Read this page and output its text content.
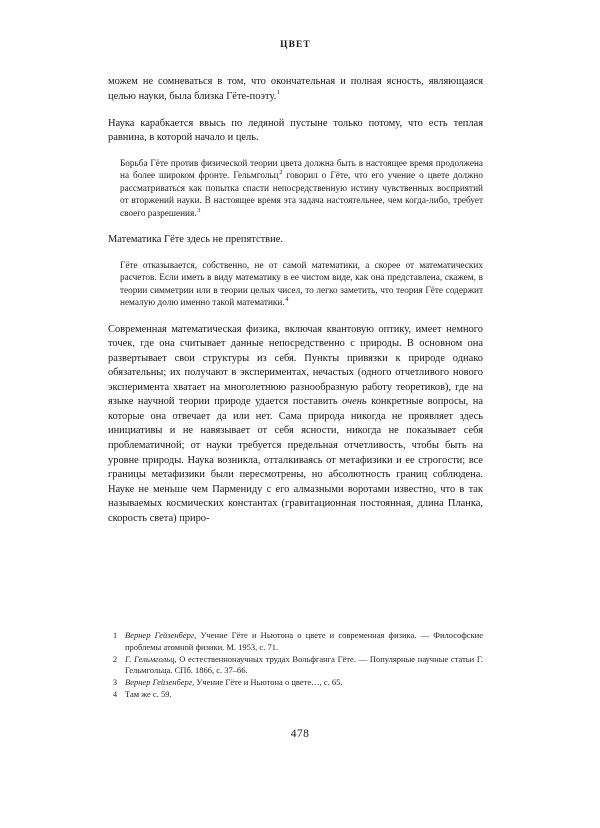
ЦВЕТ

можем не сомневаться в том, что окончательная и полная ясность, являющаяся целью науки, была близка Гёте-поэту.$^1$

Наука карабкается ввысь по ледяной пустыне только потому, что есть теплая равнина, в которой начало и цель.

Борьба Гёте против физической теории цвета должна быть в настоящее время продолжена на более широком фронте. Гельмгольц$^2$ говорил о Гёте, что его учение о цвете должно рассматриваться как попытка спасти непосредственную истину чувственных восприятий от вторжений науки. В настоящее время эта задача настоятельнее, чем когда-либо, требует своего разрешения.$^3$

Математика Гёте здесь не препятствие.

Гёте отказывается, собственно, не от самой математики, а скорее от математических расчетов. Если иметь в виду математику в ее чистом виде, как она представлена, скажем, в теории симметрии или в теории целых чисел, то легко заметить, что теория Гёте содержит немалую долю именно такой математики.$^4$

Современная математическая физика, включая квантовую оптику, имеет немного точек, где она считывает данные непосредственно с природы. В основном она развертывает свои структуры из себя. Пункты привязки к природе однако обязательны; их получают в экспериментах, нечастых (одного отчетливого нового эксперимента хватает на многолетнюю разнообразную работу теоретиков), где на языке научной теории природе удается поставить очень конкретные вопросы, на которые она отвечает да или нет. Сама природа никогда не проявляет здесь инициативы и не навязывает от себя ясности, никогда не показывает себя проблематичной; от науки требуется предельная отчетливость, чтобы быть на уровне природы. Наука возникла, отталкиваясь от метафизики и ее строгости; все границы метафизики были пересмотрены, но абсолютность границ соблюдена. Науке не меньше чем Пармениду с его алмазными воротами известно, что в так называемых космических константах (гравитационная постоянная, длина Планка, скорость света) приро-

1 Вернер Гейзенберг, Учение Гёте и Ньютона о цвете и современная физика. — Философские проблемы атомной физики. М. 1953, с. 71.
2 Г. Гельмгольц, О естественнонаучных трудах Вольфганга Гёте. — Популярные научные статьи Г. Гельмгольца. СПб. 1866, с. 37–66.
3 Вернер Гейзенберг, Учение Гёте и Ньютона о цвете…, с. 65.
4 Там же с. 59.
478
